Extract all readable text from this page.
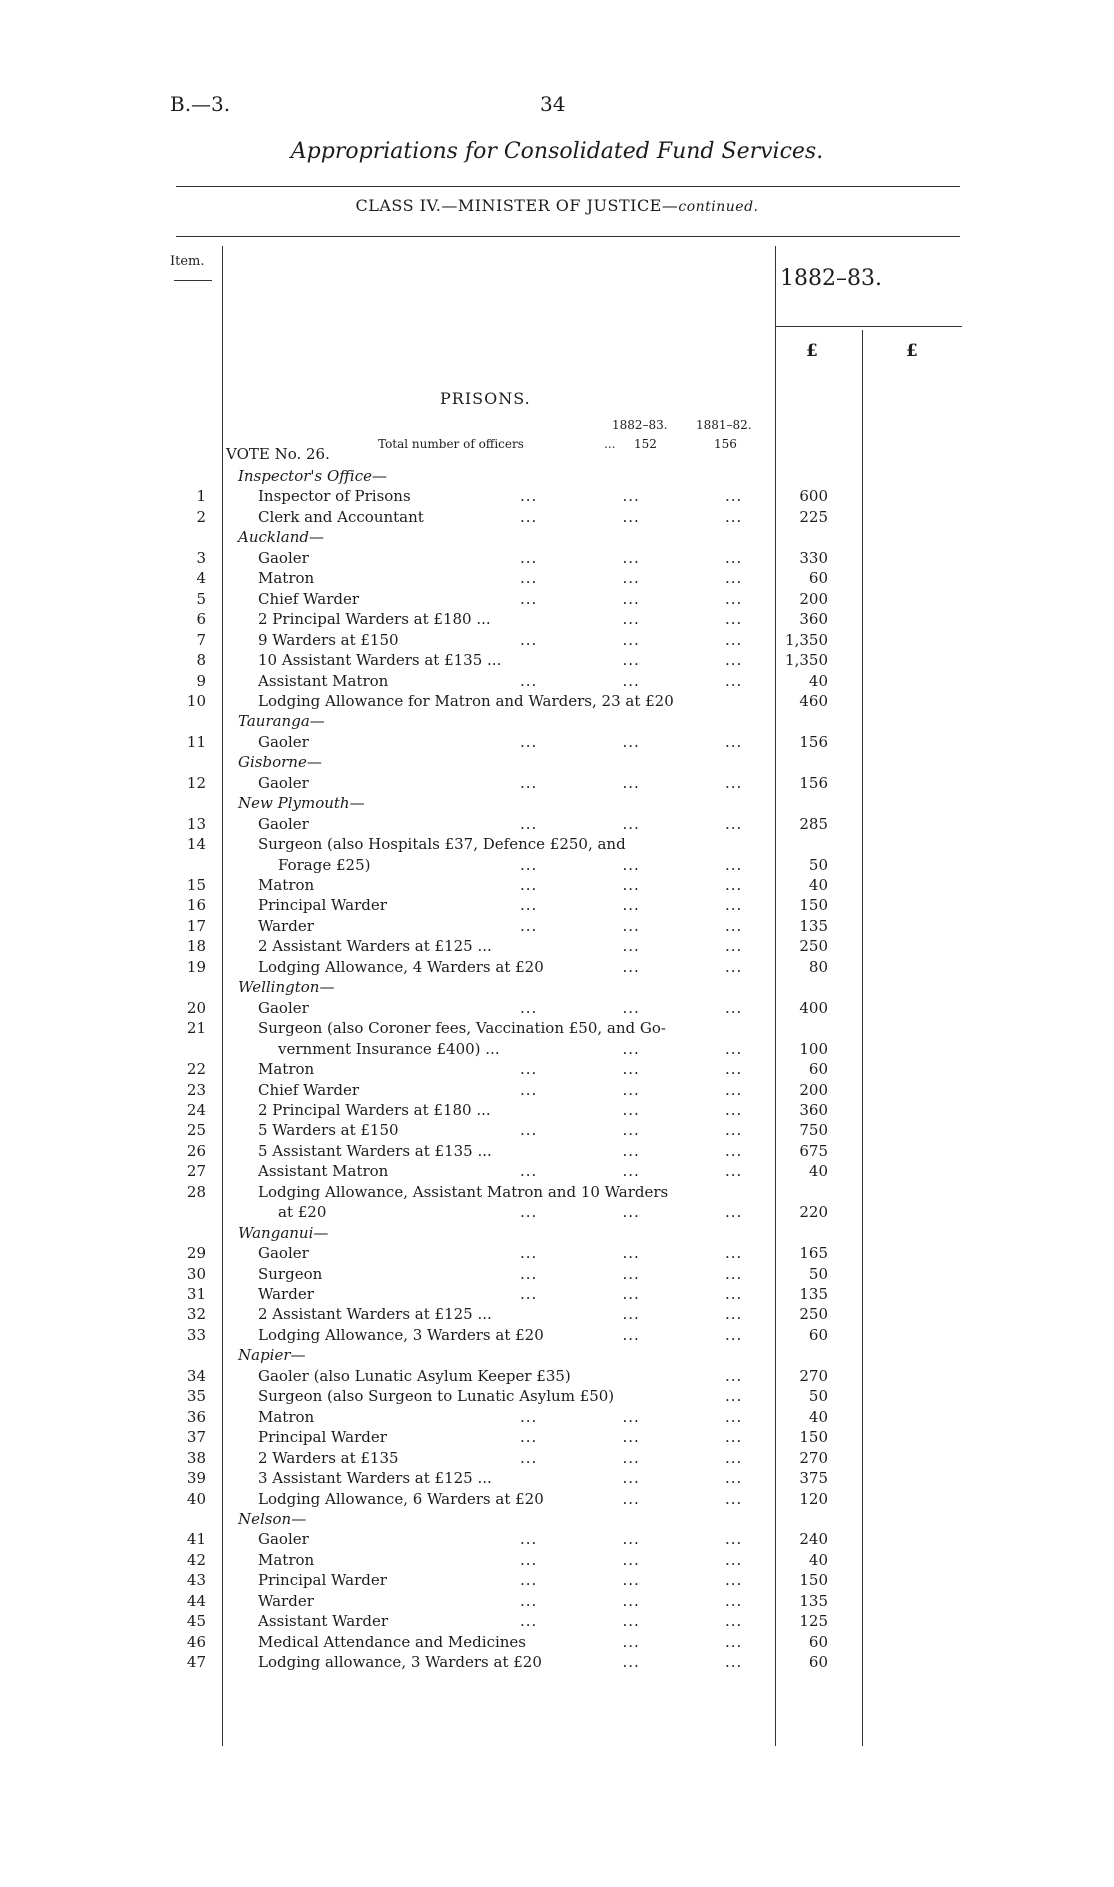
B.—3.	34
Appropriations for Consolidated Fund Services.
CLASS IV.—MINISTER OF JUSTICE—continued.
Item.
1882–83.
£	£
PRISONS.
1882–83. 1881–82.
Total number of officers	... 152	156
VOTE No. 26.
Inspector's Office—
1	Inspector of Prisons	...	...	...	600
2	Clerk and Accountant	...	...	...	225
Auckland—
3	Gaoler	...	...	...	330
4	Matron	...	...	...	60
5	Chief Warder	...	...	...	200
6	2 Principal Warders at £180 ...	...	...	360
7	9 Warders at £150	...	...	...	1,350
8	10 Assistant Warders at £135 ...	...	...	1,350
9	Assistant Matron	...	...	...	40
10	Lodging Allowance for Matron and Warders, 23 at £20	460
Tauranga—
11	Gaoler	...	...	...	156
Gisborne—
12	Gaoler	...	...	...	156
New Plymouth—
13	Gaoler	...	...	...	285
14	Surgeon (also Hospitals £37, Defence £250, and
Forage £25)	...	...	...	50
15	Matron	...	...	...	40
16	Principal Warder	...	...	...	150
17	Warder	...	...	...	135
18	2 Assistant Warders at £125 ...	...	...	250
19	Lodging Allowance, 4 Warders at £20	...	...	80
Wellington—
20	Gaoler	...	...	...	400
21	Surgeon (also Coroner fees, Vaccination £50, and Go-
vernment Insurance £400) ...	...	...	100
22	Matron	...	...	...	60
23	Chief Warder	...	...	...	200
24	2 Principal Warders at £180 ...	...	...	360
25	5 Warders at £150	...	...	...	750
26	5 Assistant Warders at £135 ...	...	...	675
27	Assistant Matron	...	...	...	40
28	Lodging Allowance, Assistant Matron and 10 Warders
at £20	...	...	...	220
Wanganui—
29	Gaoler	...	...	...	165
30	Surgeon	...	...	...	50
31	Warder	...	...	...	135
32	2 Assistant Warders at £125 ...	...	...	250
33	Lodging Allowance, 3 Warders at £20	...	...	60
Napier—
34	Gaoler (also Lunatic Asylum Keeper £35)	...	270
35	Surgeon (also Surgeon to Lunatic Asylum £50)	...	50
36	Matron	...	...	...	40
37	Principal Warder	...	...	...	150
38	2 Warders at £135	...	...	...	270
39	3 Assistant Warders at £125 ...	...	...	375
40	Lodging Allowance, 6 Warders at £20	...	...	120
Nelson—
41	Gaoler	...	...	...	240
42	Matron	...	...	...	40
43	Principal Warder	...	...	...	150
44	Warder	...	...	...	135
45	Assistant Warder	...	...	...	125
46	Medical Attendance and Medicines	...	...	60
47	Lodging allowance, 3 Warders at £20	...	...	60
